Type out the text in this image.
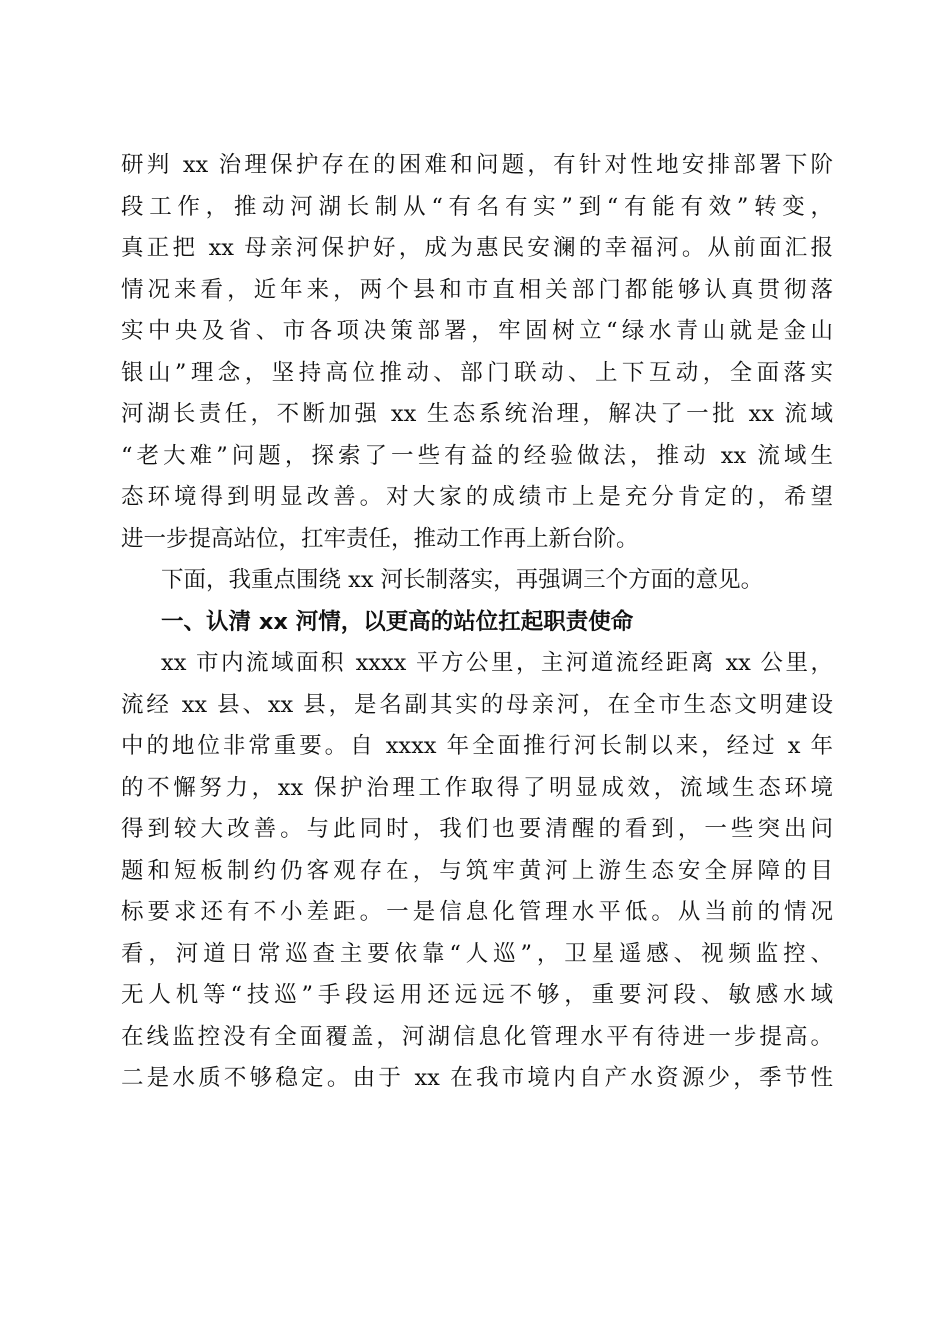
研判 xx 治理保护存在的困难和问题，有针对性地安排部署下阶
段工作，推动河湖长制从“有名有实”到“有能有效”转变，
真正把 xx 母亲河保护好，成为惠民安澜的幸福河。从前面汇报
情况来看，近年来，两个县和市直相关部门都能够认真贯彻落
实中央及省、市各项决策部署，牢固树立“绿水青山就是金山
银山”理念，坚持高位推动、部门联动、上下互动，全面落实
河湖长责任，不断加强 xx 生态系统治理，解决了一批 xx 流域
“老大难”问题，探索了一些有益的经验做法，推动 xx 流域生
态环境得到明显改善。对大家的成绩市上是充分肯定的，希望
进一步提高站位，扛牢责任，推动工作再上新台阶。
下面，我重点围绕 xx 河长制落实，再强调三个方面的意见。
一、认清 xx 河情，以更高的站位扛起职责使命
xx 市内流域面积 xxxx 平方公里，主河道流经距离 xx 公里，
流经 xx 县、xx 县，是名副其实的母亲河，在全市生态文明建设
中的地位非常重要。自 xxxx 年全面推行河长制以来，经过 x 年
的不懈努力，xx 保护治理工作取得了明显成效，流域生态环境
得到较大改善。与此同时，我们也要清醒的看到，一些突出问
题和短板制约仍客观存在，与筑牢黄河上游生态安全屏障的目
标要求还有不小差距。一是信息化管理水平低。从当前的情况
看，河道日常巡查主要依靠“人巡”，卫星遥感、视频监控、
无人机等“技巡”手段运用还远远不够，重要河段、敏感水域
在线监控没有全面覆盖，河湖信息化管理水平有待进一步提高。
二是水质不够稳定。由于 xx 在我市境内自产水资源少，季节性
